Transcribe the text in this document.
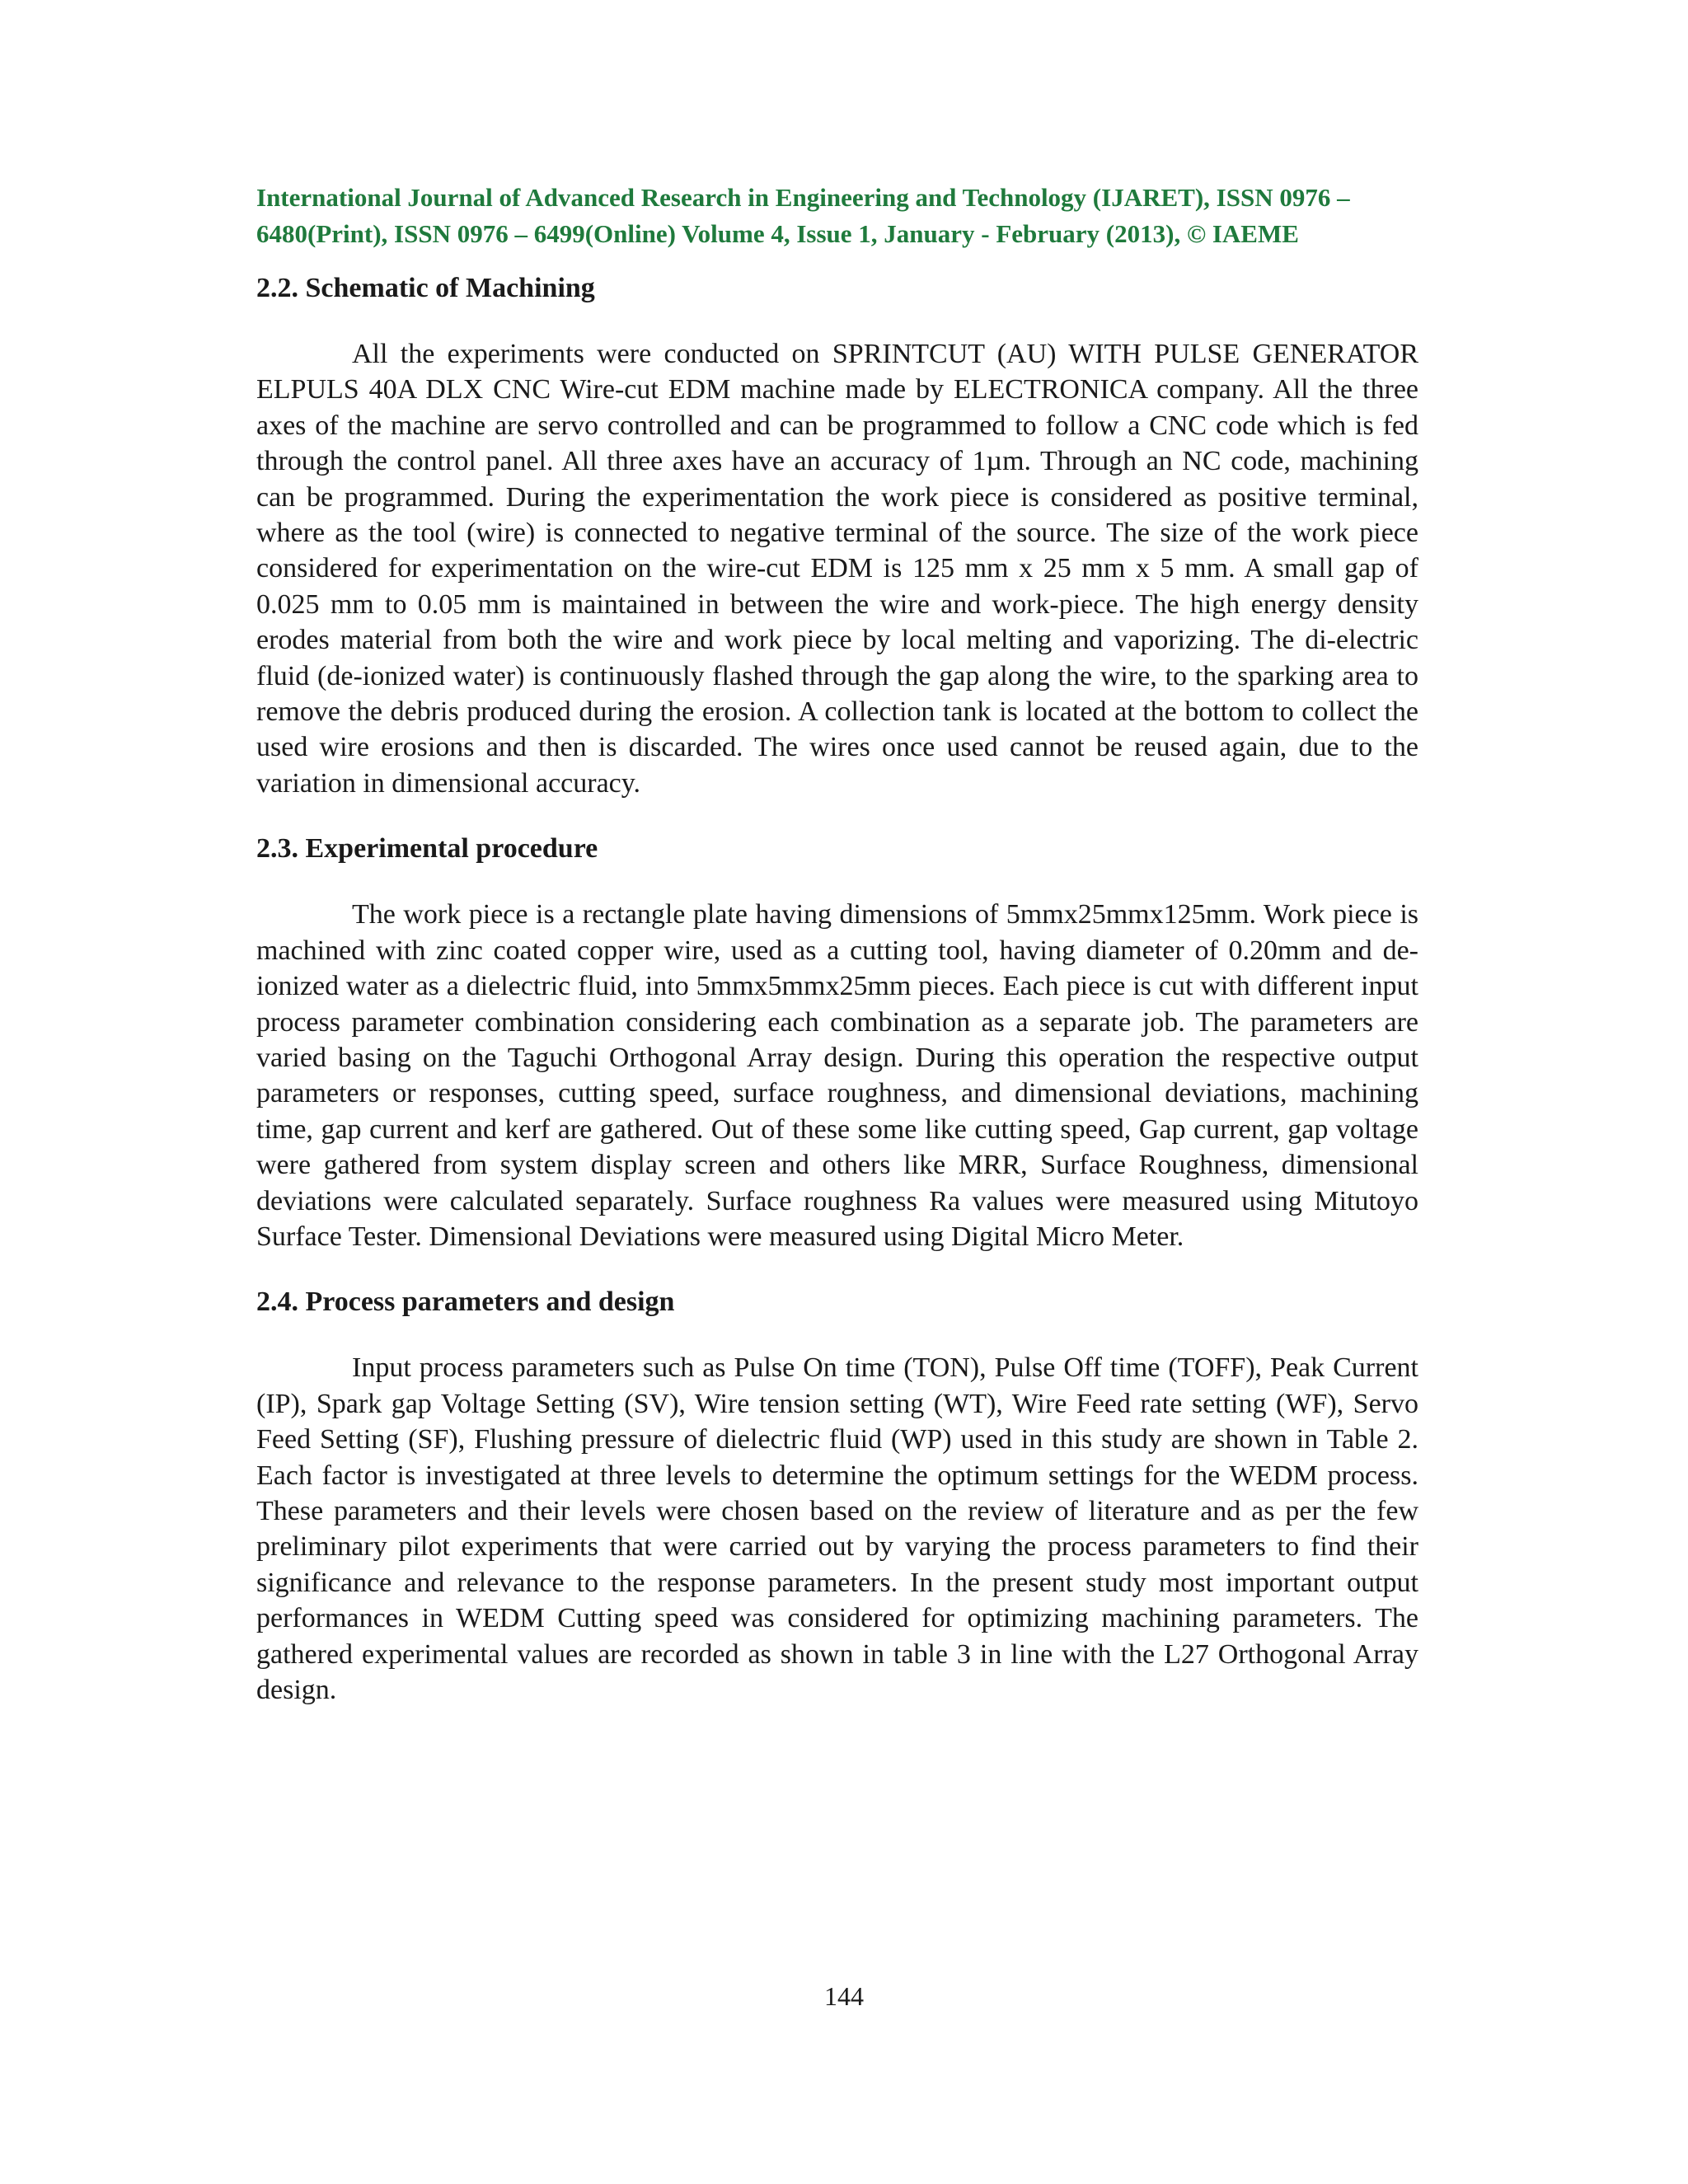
International Journal of Advanced Research in Engineering and Technology (IJARET), ISSN 0976 – 6480(Print), ISSN 0976 – 6499(Online) Volume 4, Issue 1, January - February (2013), © IAEME

2.2. Schematic of Machining

All the experiments were conducted on SPRINTCUT (AU) WITH PULSE GENERATOR ELPULS 40A DLX CNC Wire-cut EDM machine made by ELECTRONICA company. All the three axes of the machine are servo controlled and can be programmed to follow a CNC code which is fed through the control panel. All three axes have an accuracy of 1µm. Through an NC code, machining can be programmed. During the experimentation the work piece is considered as positive terminal, where as the tool (wire) is connected to negative terminal of the source. The size of the work piece considered for experimentation on the wire-cut EDM is 125 mm x 25 mm x 5 mm. A small gap of 0.025 mm to 0.05 mm is maintained in between the wire and work-piece. The high energy density erodes material from both the wire and work piece by local melting and vaporizing. The di-electric fluid (de-ionized water) is continuously flashed through the gap along the wire, to the sparking area to remove the debris produced during the erosion. A collection tank is located at the bottom to collect the used wire erosions and then is discarded. The wires once used cannot be reused again, due to the variation in dimensional accuracy.

2.3. Experimental procedure

The work piece is a rectangle plate having dimensions of 5mmx25mmx125mm. Work piece is machined with zinc coated copper wire, used as a cutting tool, having diameter of 0.20mm and de-ionized water as a dielectric fluid, into 5mmx5mmx25mm pieces. Each piece is cut with different input process parameter combination considering each combination as a separate job. The parameters are varied basing on the Taguchi Orthogonal Array design. During this operation the respective output parameters or responses, cutting speed, surface roughness, and dimensional deviations, machining time, gap current and kerf are gathered. Out of these some like cutting speed, Gap current, gap voltage were gathered from system display screen and others like MRR, Surface Roughness, dimensional deviations were calculated separately. Surface roughness Ra values were measured using Mitutoyo Surface Tester. Dimensional Deviations were measured using Digital Micro Meter.

2.4. Process parameters and design

Input process parameters such as Pulse On time (TON), Pulse Off time (TOFF), Peak Current (IP), Spark gap Voltage Setting (SV), Wire tension setting (WT), Wire Feed rate setting (WF), Servo Feed Setting (SF), Flushing pressure of dielectric fluid (WP) used in this study are shown in Table 2. Each factor is investigated at three levels to determine the optimum settings for the WEDM process. These parameters and their levels were chosen based on the review of literature and as per the few preliminary pilot experiments that were carried out by varying the process parameters to find their significance and relevance to the response parameters. In the present study most important output performances in WEDM Cutting speed was considered for optimizing machining parameters. The gathered experimental values are recorded as shown in table 3 in line with the L27 Orthogonal Array design.

144
